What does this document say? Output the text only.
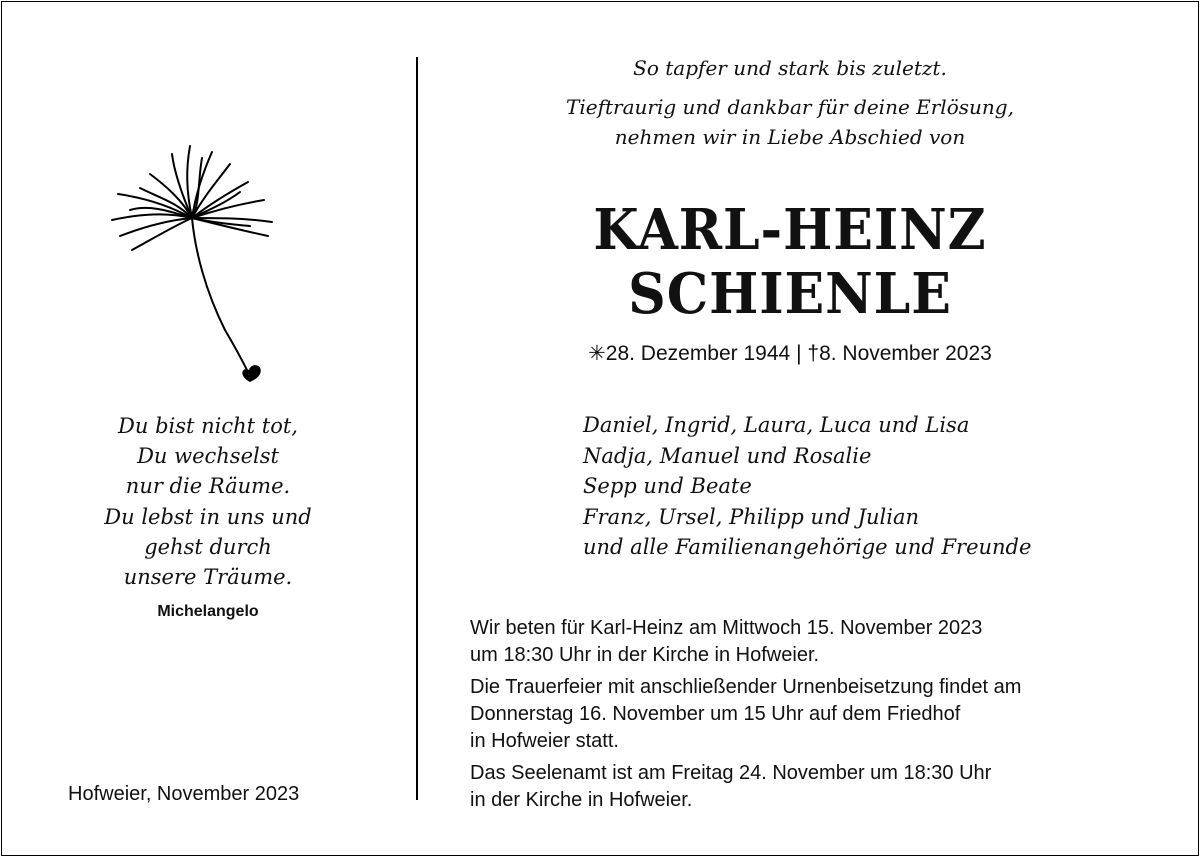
Du bist nicht tot,
Du wechselst
nur die Räume.
Du lebst in uns und
gehst durch
unsere Träume.
Michelangelo
Hofweier, November 2023
So tapfer und stark bis zuletzt.
Tieftraurig und dankbar für deine Erlösung,
nehmen wir in Liebe Abschied von
KARL-HEINZ
SCHIENLE
✳28. Dezember 1944 | †8. November 2023
Daniel, Ingrid, Laura, Luca und Lisa
Nadja, Manuel und Rosalie
Sepp und Beate
Franz, Ursel, Philipp und Julian
und alle Familienangehörige und Freunde

Wir beten für Karl-Heinz am Mittwoch 15. November 2023
um 18:30 Uhr in der Kirche in Hofweier.

Die Trauerfeier mit anschließender Urnenbeisetzung findet am
Donnerstag 16. November um 15 Uhr auf dem Friedhof
in Hofweier statt.

Das Seelenamt ist am Freitag 24. November um 18:30 Uhr
in der Kirche in Hofweier.
